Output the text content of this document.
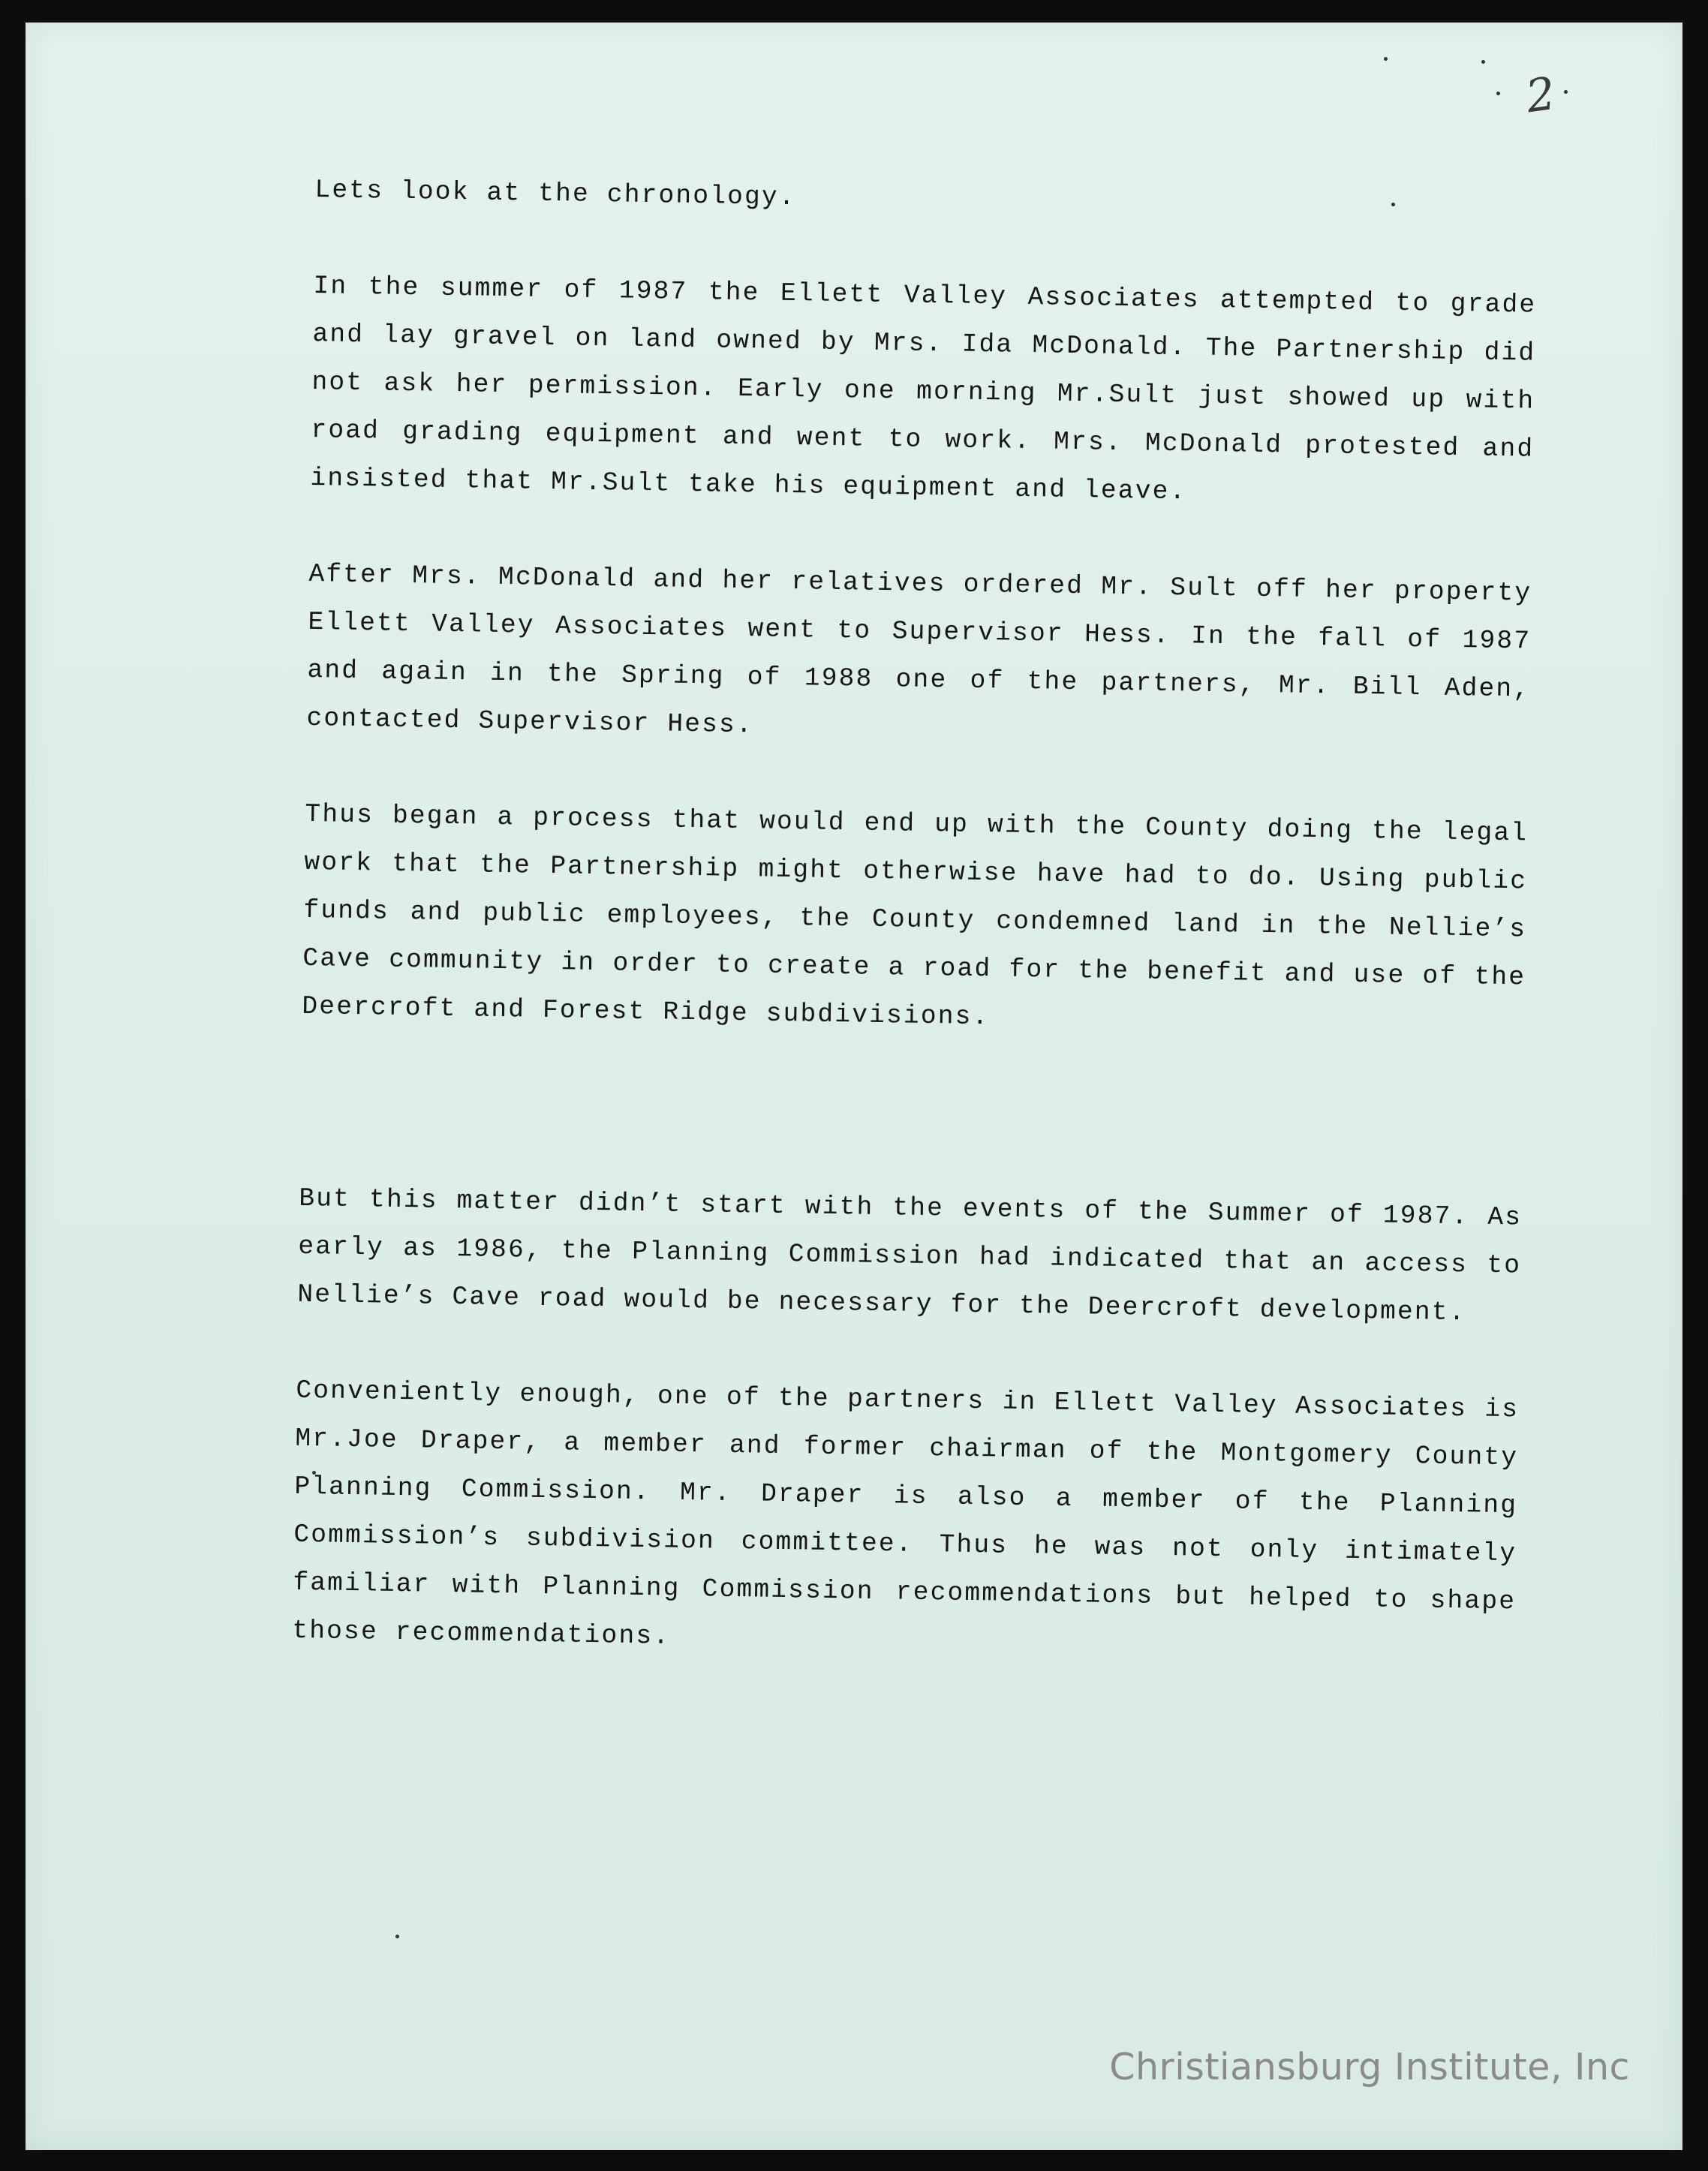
2

Lets look at the chronology.

In the summer of 1987 the Ellett Valley Associates attempted to grade and lay gravel on land owned by Mrs. Ida McDonald. The Partnership did not ask her permission. Early one morning Mr.Sult just showed up with road grading equipment and went to work. Mrs. McDonald protested and insisted that Mr.Sult take his equipment and leave.

After Mrs. McDonald and her relatives ordered Mr. Sult off her property Ellett Valley Associates went to Supervisor Hess. In the fall of 1987 and again in the Spring of 1988 one of the partners, Mr. Bill Aden, contacted Supervisor Hess.

Thus began a process that would end up with the County doing the legal work that the Partnership might otherwise have had to do. Using public funds and public employees, the County condemned land in the Nellie’s Cave community in order to create a road for the benefit and use of the Deercroft and Forest Ridge subdivisions.

But this matter didn’t start with the events of the Summer of 1987. As early as 1986, the Planning Commission had indicated that an access to Nellie’s Cave road would be necessary for the Deercroft development.

Conveniently enough, one of the partners in Ellett Valley Associates is Mr.Joe Draper, a member and former chairman of the Montgomery County Planning Commission. Mr. Draper is also a member of the Planning Commission’s subdivision committee. Thus he was not only intimately familiar with Planning Commission recommendations but helped to shape those recommendations.

Christiansburg Institute, Inc
